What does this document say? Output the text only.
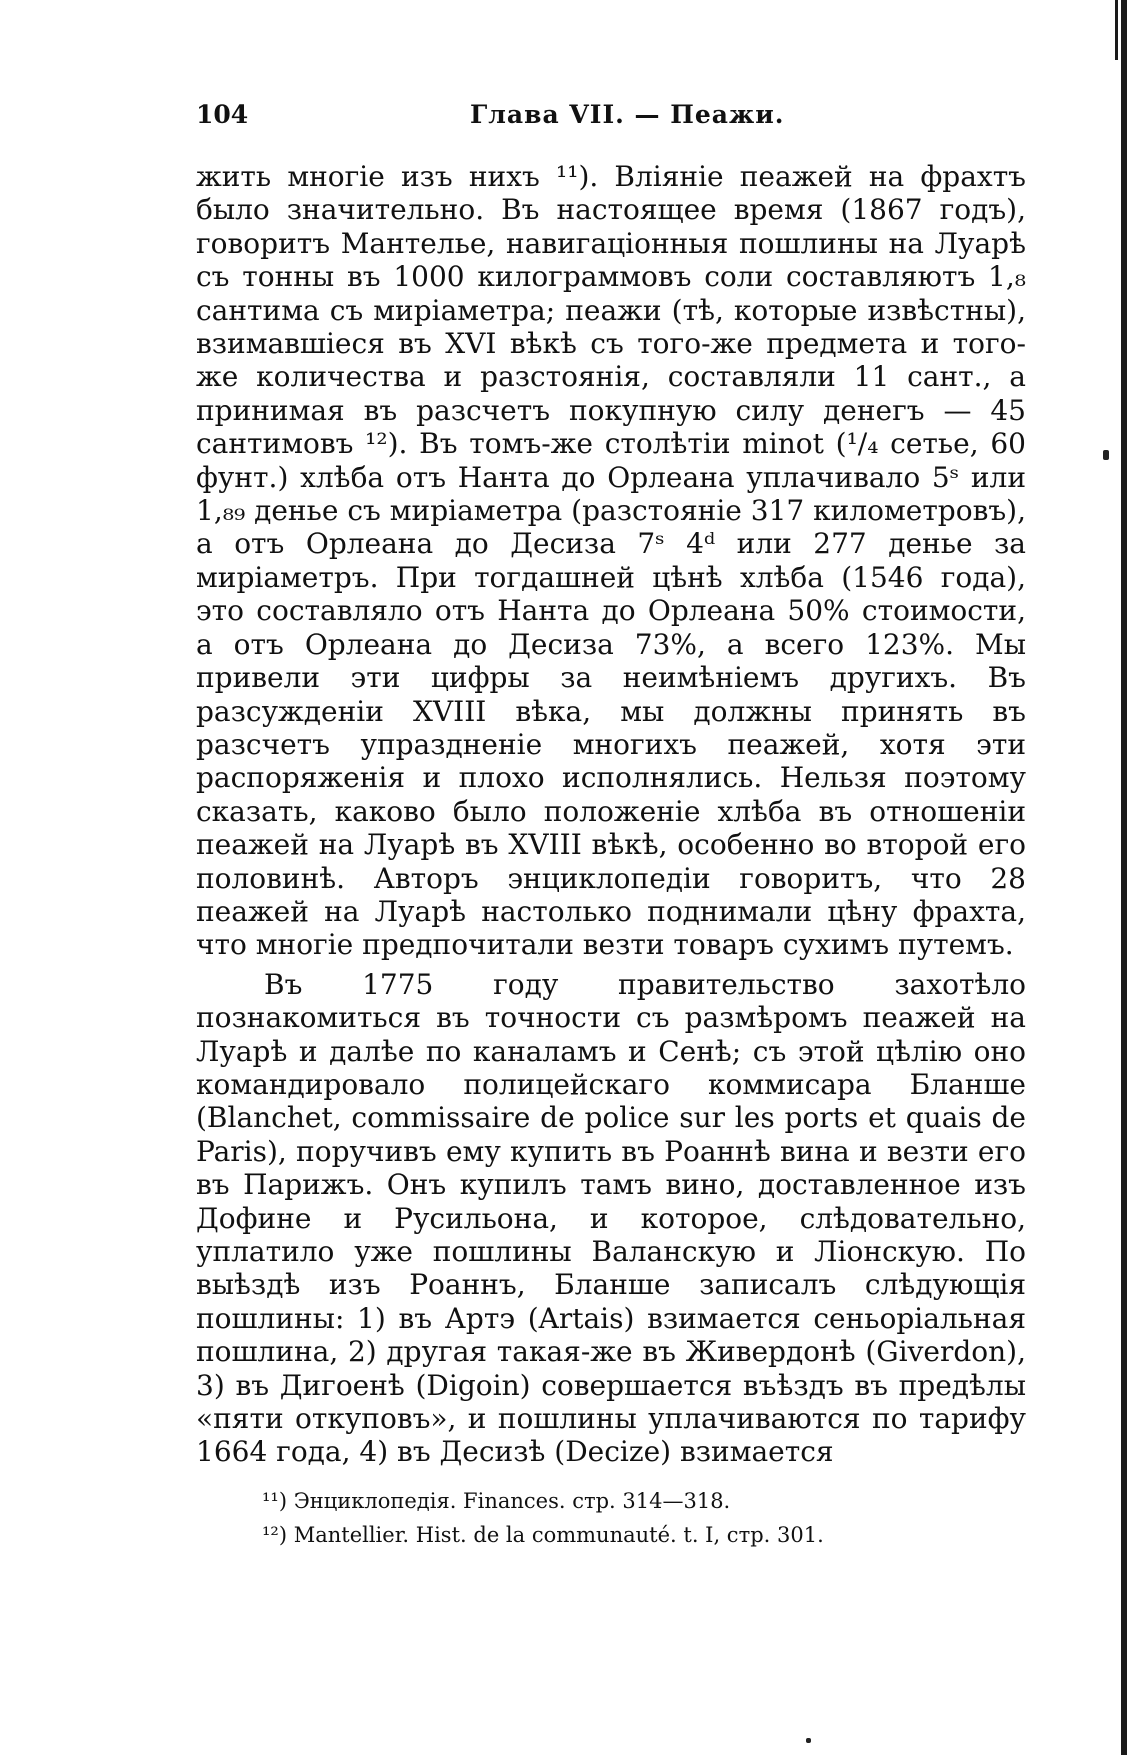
104	Глава VII. — Пеажи.

жить многіе изъ нихъ ¹¹). Вліяніе пеажей на фрахтъ было значительно. Въ настоящее время (1867 годъ), говоритъ Мантелье, навигаціонныя пошлины на Луарѣ съ тонны въ 1000 килограммовъ соли составляютъ 1,₈ сантима съ миріаметра; пеажи (тѣ, которые извѣстны), взимавшіеся въ XVI вѣкѣ съ того-же предмета и того-же количества и разстоянія, составляли 11 сант., а принимая въ разсчетъ покупную силу денегъ — 45 сантимовъ ¹²). Въ томъ-же столѣтіи minot (¹/₄ сетье, 60 фунт.) хлѣба отъ Нанта до Орлеана уплачивало 5ˢ или 1,₈₉ денье съ миріаметра (разстояніе 317 километровъ), а отъ Орлеана до Десиза 7ˢ 4ᵈ или 277 денье за миріаметръ. При тогдашней цѣнѣ хлѣба (1546 года), это составляло отъ Нанта до Орлеана 50% стоимости, а отъ Орлеана до Десиза 73%, а всего 123%. Мы привели эти цифры за неимѣніемъ другихъ. Въ разсужденіи XVIII вѣка, мы должны принять въ разсчетъ упраздненіе многихъ пеажей, хотя эти распоряженія и плохо исполнялись. Нельзя поэтому сказать, каково было положеніе хлѣба въ отношеніи пеажей на Луарѣ въ XVIII вѣкѣ, особенно во второй его половинѣ. Авторъ энциклопедіи говоритъ, что 28 пеажей на Луарѣ настолько поднимали цѣну фрахта, что многіе предпочитали везти товаръ сухимъ путемъ.

Въ 1775 году правительство захотѣло познакомиться въ точности съ размѣромъ пеажей на Луарѣ и далѣе по каналамъ и Сенѣ; съ этой цѣлію оно командировало полицейскаго коммисара Бланше (Blanchet, commissaire de police sur les ports et quais de Paris), поручивъ ему купить въ Роаннѣ вина и везти его въ Парижъ. Онъ купилъ тамъ вино, доставленное изъ Дофине и Русильона, и которое, слѣдовательно, уплатило уже пошлины Валанскую и Ліонскую. По выѣздѣ изъ Роаннъ, Бланше записалъ слѣдующія пошлины: 1) въ Артэ (Artais) взимается сеньоріальная пошлина, 2) другая такая-же въ Живердонѣ (Giverdon), 3) въ Дигоенѣ (Digoin) совершается въѣздъ въ предѣлы «пяти откуповъ», и пошлины уплачиваются по тарифу 1664 года, 4) въ Десизѣ (Decize) взимается

¹¹) Энциклопедія. Finances. стр. 314—318.
¹²) Mantellier. Hist. de la communauté. t. I, стр. 301.
